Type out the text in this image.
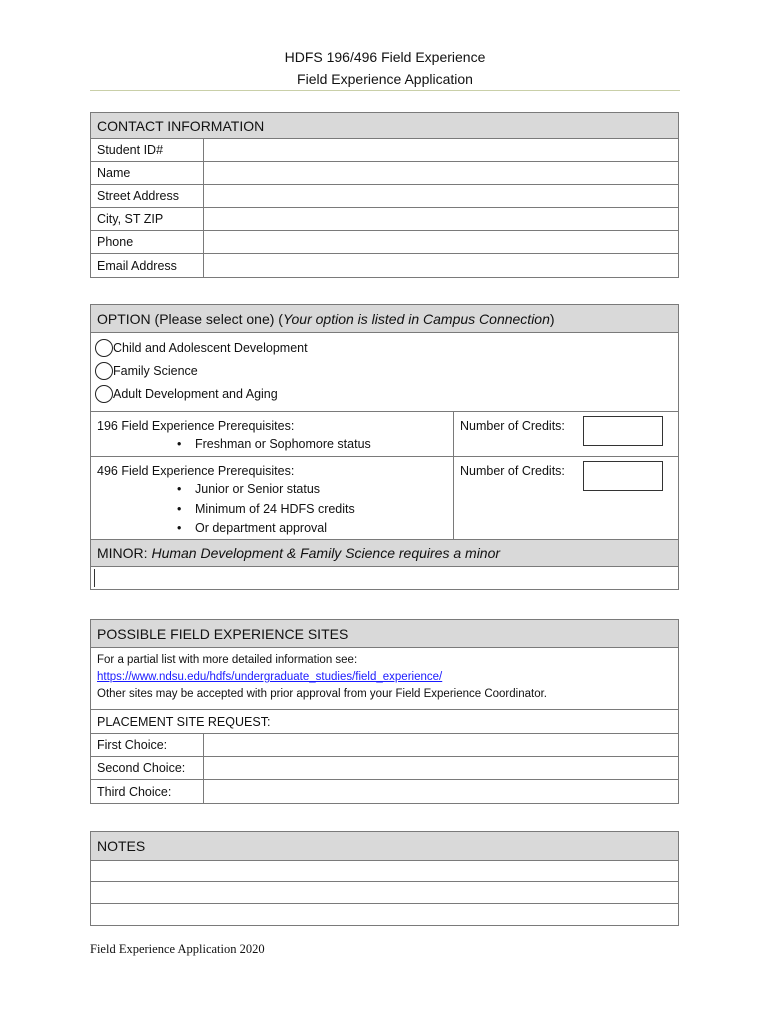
HDFS 196/496 Field Experience
Field Experience Application
CONTACT INFORMATION
Student ID#
Name
Street Address
City, ST ZIP
Phone
Email Address
OPTION (Please select one) ( Your option is listed in Campus Connection )
Child and Adolescent Development
Family Science
Adult Development and Aging
196 Field Experience Prerequisites:
• Freshman or Sophomore status
Number of Credits:
496 Field Experience Prerequisites:
• Junior or Senior status
• Minimum of 24 HDFS credits
• Or department approval
Number of Credits:
MINOR:
Human Development & Family Science requires a minor
POSSIBLE FIELD EXPERIENCE SITES
For a partial list with more detailed information see:
https://www.ndsu.edu/hdfs/undergraduate_studies/field_experience/
Other sites may be accepted with prior approval from your Field Experience Coordinator.
PLACEMENT SITE REQUEST:
First Choice:
Second Choice:
Third Choice:
NOTES
Field Experience Application 2020
